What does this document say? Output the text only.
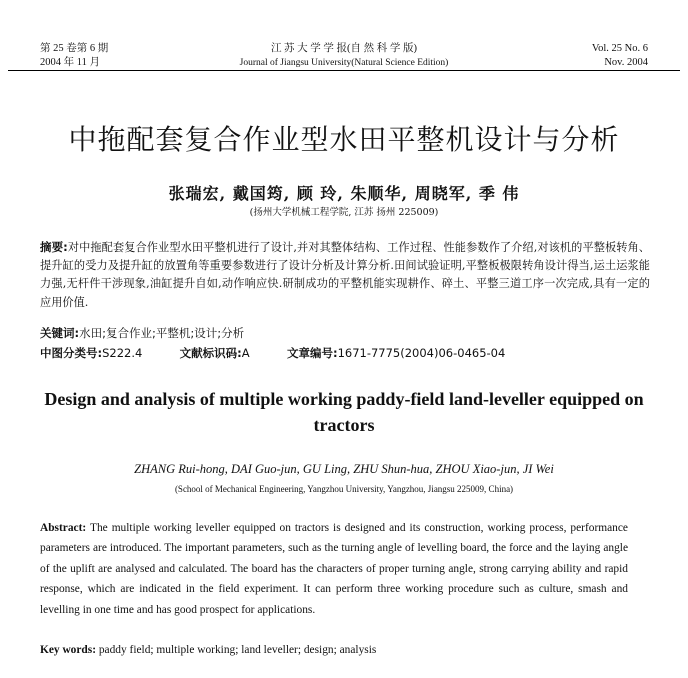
第 25 卷第 6 期
2004 年 11 月
江 苏 大 学 学 报(自 然 科 学 版)
Journal of Jiangsu University(Natural Science Edition)
Vol. 25 No. 6
Nov. 2004
中拖配套复合作业型水田平整机设计与分析
张瑞宏, 戴国筠, 顾 玲, 朱顺华, 周晓军, 季 伟
(扬州大学机械工程学院, 江苏 扬州 225009)
摘要:对中拖配套复合作业型水田平整机进行了设计,并对其整体结构、工作过程、性能参数作了介绍,对该机的平整板转角、提升缸的受力及提升缸的放置角等重要参数进行了设计分析及计算分析.田间试验证明,平整板极限转角设计得当,运土运浆能力强,无杆件干涉现象,油缸提升自如,动作响应快.研制成功的平整机能实现耕作、碎土、平整三道工序一次完成,具有一定的应用价值.
关键词:水田;复合作业;平整机;设计;分析
中图分类号:S222.4	文献标识码:A	文章编号:1671-7775(2004)06-0465-04
Design and analysis of multiple working paddy-field land-leveller equipped on tractors
ZHANG Rui-hong, DAI Guo-jun, GU Ling, ZHU Shun-hua, ZHOU Xiao-jun, JI Wei
(School of Mechanical Engineering, Yangzhou University, Yangzhou, Jiangsu 225009, China)
Abstract: The multiple working leveller equipped on tractors is designed and its construction, working process, performance parameters are introduced. The important parameters, such as the turning angle of levelling board, the force and the laying angle of the uplift are analysed and calculated. The board has the characters of proper turning angle, strong carrying ability and rapid response, which are indicated in the field experiment. It can perform three working procedure such as culture, smash and levelling in one time and has good prospect for applications.
Key words: paddy field; multiple working; land leveller; design; analysis
